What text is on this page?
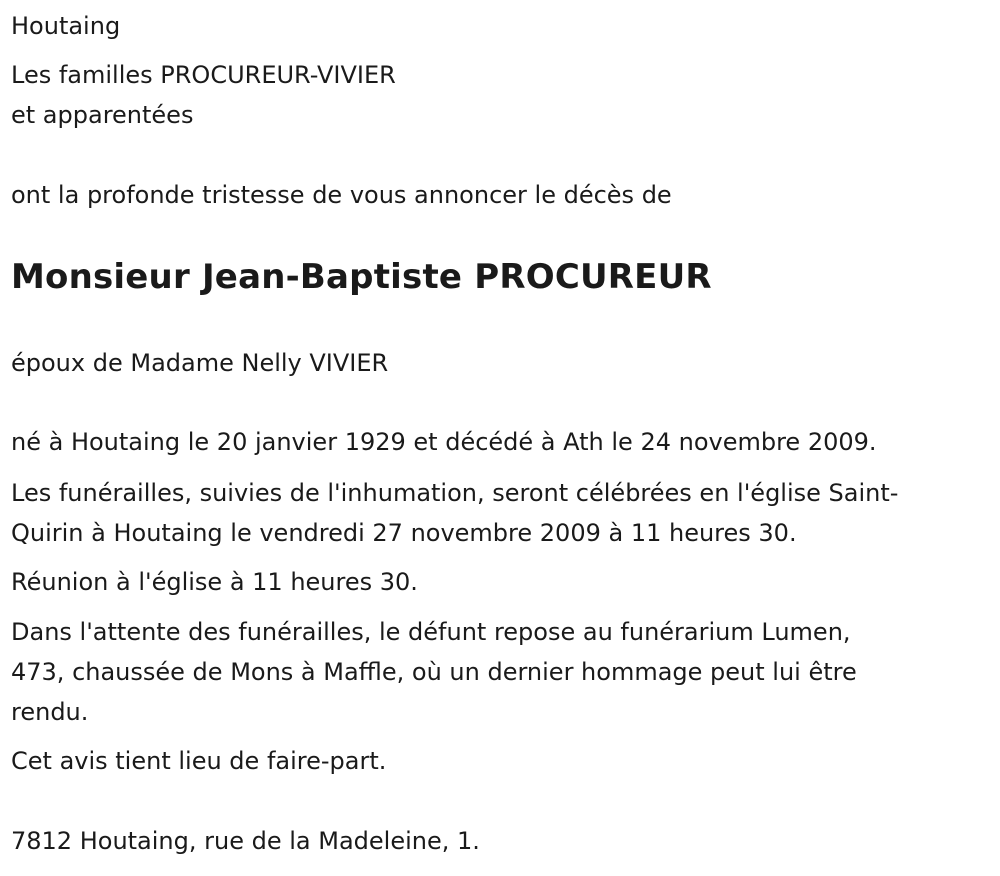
Houtaing

Les familles PROCUREUR-VIVIER

et apparentées

ont la profonde tristesse de vous annoncer le décès de

Monsieur Jean-Baptiste PROCUREUR

époux de Madame Nelly VIVIER

né à Houtaing le 20 janvier 1929 et décédé à Ath le 24 novembre 2009.

Les funérailles, suivies de l'inhumation, seront célébrées en l'église Saint-

Quirin à Houtaing le vendredi 27 novembre 2009 à 11 heures 30.

Réunion à l'église à 11 heures 30.

Dans l'attente des funérailles, le défunt repose au funérarium Lumen,

473, chaussée de Mons à Maffle, où un dernier hommage peut lui être

rendu.

Cet avis tient lieu de faire-part.

7812 Houtaing, rue de la Madeleine, 1.
